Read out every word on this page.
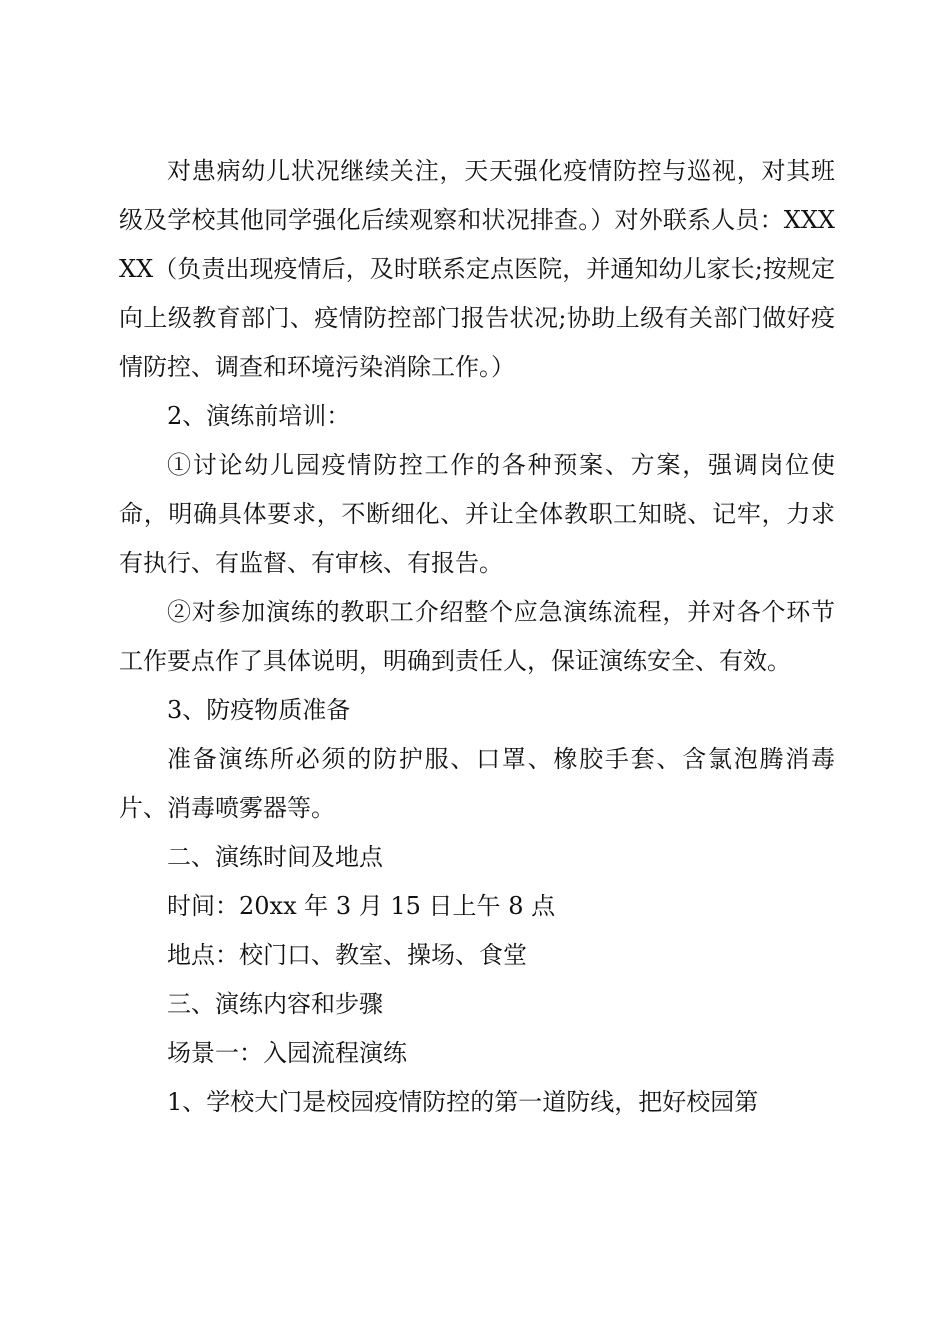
对患病幼儿状况继续关注，天天强化疫情防控与巡视，对其班级及学校其他同学强化后续观察和状况排查。）对外联系人员：XXX XX（负责出现疫情后，及时联系定点医院，并通知幼儿家长;按规定向上级教育部门、疫情防控部门报告状况;协助上级有关部门做好疫情防控、调查和环境污染消除工作。）

2、演练前培训：

①讨论幼儿园疫情防控工作的各种预案、方案，强调岗位使命，明确具体要求，不断细化、并让全体教职工知晓、记牢，力求有执行、有监督、有审核、有报告。

②对参加演练的教职工介绍整个应急演练流程，并对各个环节工作要点作了具体说明，明确到责任人，保证演练安全、有效。

3、防疫物质准备

准备演练所必须的防护服、口罩、橡胶手套、含氯泡腾消毒片、消毒喷雾器等。

二、演练时间及地点

时间：20xx 年 3 月 15 日上午 8 点

地点：校门口、教室、操场、食堂

三、演练内容和步骤

场景一：入园流程演练

1、学校大门是校园疫情防控的第一道防线，把好校园第
